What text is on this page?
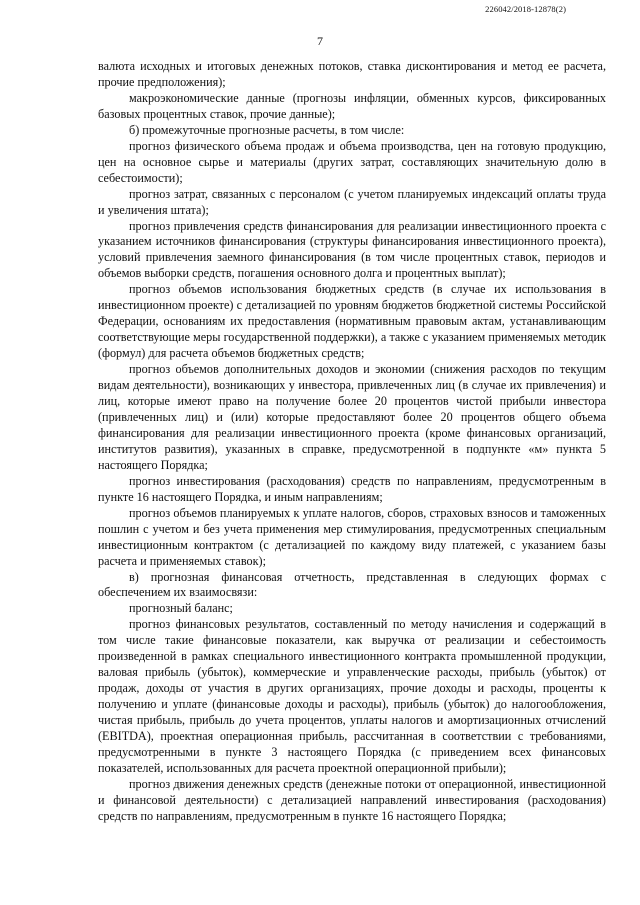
226042/2018-12878(2)
7

валюта исходных и итоговых денежных потоков, ставка дисконтирования и метод ее расчета, прочие предположения);

макроэкономические данные (прогнозы инфляции, обменных курсов, фиксированных базовых процентных ставок, прочие данные);

б) промежуточные прогнозные расчеты, в том числе:

прогноз физического объема продаж и объема производства, цен на готовую продукцию, цен на основное сырье и материалы (других затрат, составляющих значительную долю в себестоимости);

прогноз затрат, связанных с персоналом (с учетом планируемых индексаций оплаты труда и увеличения штата);

прогноз привлечения средств финансирования для реализации инвестиционного проекта с указанием источников финансирования (структуры финансирования инвестиционного проекта), условий привлечения заемного финансирования (в том числе процентных ставок, периодов и объемов выборки средств, погашения основного долга и процентных выплат);

прогноз объемов использования бюджетных средств (в случае их использования в инвестиционном проекте) с детализацией по уровням бюджетов бюджетной системы Российской Федерации, основаниям их предоставления (нормативным правовым актам, устанавливающим соответствующие меры государственной поддержки), а также с указанием применяемых методик (формул) для расчета объемов бюджетных средств;

прогноз объемов дополнительных доходов и экономии (снижения расходов по текущим видам деятельности), возникающих у инвестора, привлеченных лиц (в случае их привлечения) и лиц, которые имеют право на получение более 20 процентов чистой прибыли инвестора (привлеченных лиц) и (или) которые предоставляют более 20 процентов общего объема финансирования для реализации инвестиционного проекта (кроме финансовых организаций, институтов развития), указанных в справке, предусмотренной в подпункте «м» пункта 5 настоящего Порядка;

прогноз инвестирования (расходования) средств по направлениям, предусмотренным в пункте 16 настоящего Порядка, и иным направлениям;

прогноз объемов планируемых к уплате налогов, сборов, страховых взносов и таможенных пошлин с учетом и без учета применения мер стимулирования, предусмотренных специальным инвестиционным контрактом (с детализацией по каждому виду платежей, с указанием базы расчета и применяемых ставок);

в) прогнозная финансовая отчетность, представленная в следующих формах с обеспечением их взаимосвязи:

прогнозный баланс;

прогноз финансовых результатов, составленный по методу начисления и содержащий в том числе такие финансовые показатели, как выручка от реализации и себестоимость произведенной в рамках специального инвестиционного контракта промышленной продукции, валовая прибыль (убыток), коммерческие и управленческие расходы, прибыль (убыток) от продаж, доходы от участия в других организациях, прочие доходы и расходы, проценты к получению и уплате (финансовые доходы и расходы), прибыль (убыток) до налогообложения, чистая прибыль, прибыль до учета процентов, уплаты налогов и амортизационных отчислений (EBITDA), проектная операционная прибыль, рассчитанная в соответствии с требованиями, предусмотренными в пункте 3 настоящего Порядка (с приведением всех финансовых показателей, использованных для расчета проектной операционной прибыли);

прогноз движения денежных средств (денежные потоки от операционной, инвестиционной и финансовой деятельности) с детализацией направлений инвестирования (расходования) средств по направлениям, предусмотренным в пункте 16 настоящего Порядка;
